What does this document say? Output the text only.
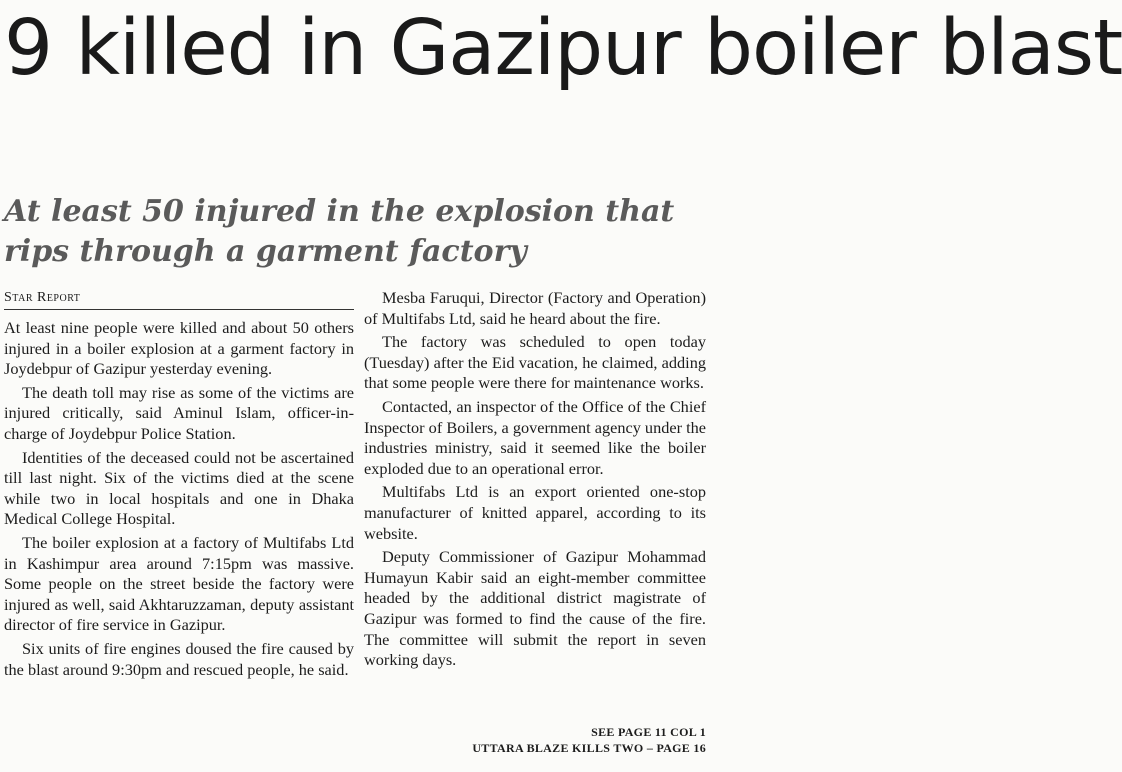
9 killed in Gazipur boiler blast
At least 50 injured in the explosion that rips through a garment factory
Star Report

At least nine people were killed and about 50 others injured in a boiler explosion at a garment factory in Joydebpur of Gazipur yesterday evening.

The death toll may rise as some of the victims are injured critically, said Aminul Islam, officer-in-charge of Joydebpur Police Station.

Identities of the deceased could not be ascertained till last night. Six of the victims died at the scene while two in local hospitals and one in Dhaka Medical College Hospital.

The boiler explosion at a factory of Multifabs Ltd in Kashimpur area around 7:15pm was massive. Some people on the street beside the factory were injured as well, said Akhtaruzzaman, deputy assistant director of fire service in Gazipur.

Six units of fire engines doused the fire caused by the blast around 9:30pm and rescued people, he said.

Mesba Faruqui, Director (Factory and Operation) of Multifabs Ltd, said he heard about the fire.

The factory was scheduled to open today (Tuesday) after the Eid vacation, he claimed, adding that some people were there for maintenance works.

Contacted, an inspector of the Office of the Chief Inspector of Boilers, a government agency under the industries ministry, said it seemed like the boiler exploded due to an operational error.

Multifabs Ltd is an export oriented one-stop manufacturer of knitted apparel, according to its website.

Deputy Commissioner of Gazipur Mohammad Humayun Kabir said an eight-member committee headed by the additional district magistrate of Gazipur was formed to find the cause of the fire. The committee will submit the report in seven working days.

SEE PAGE 11 COL 1
UTTARA BLAZE KILLS TWO – PAGE 16
